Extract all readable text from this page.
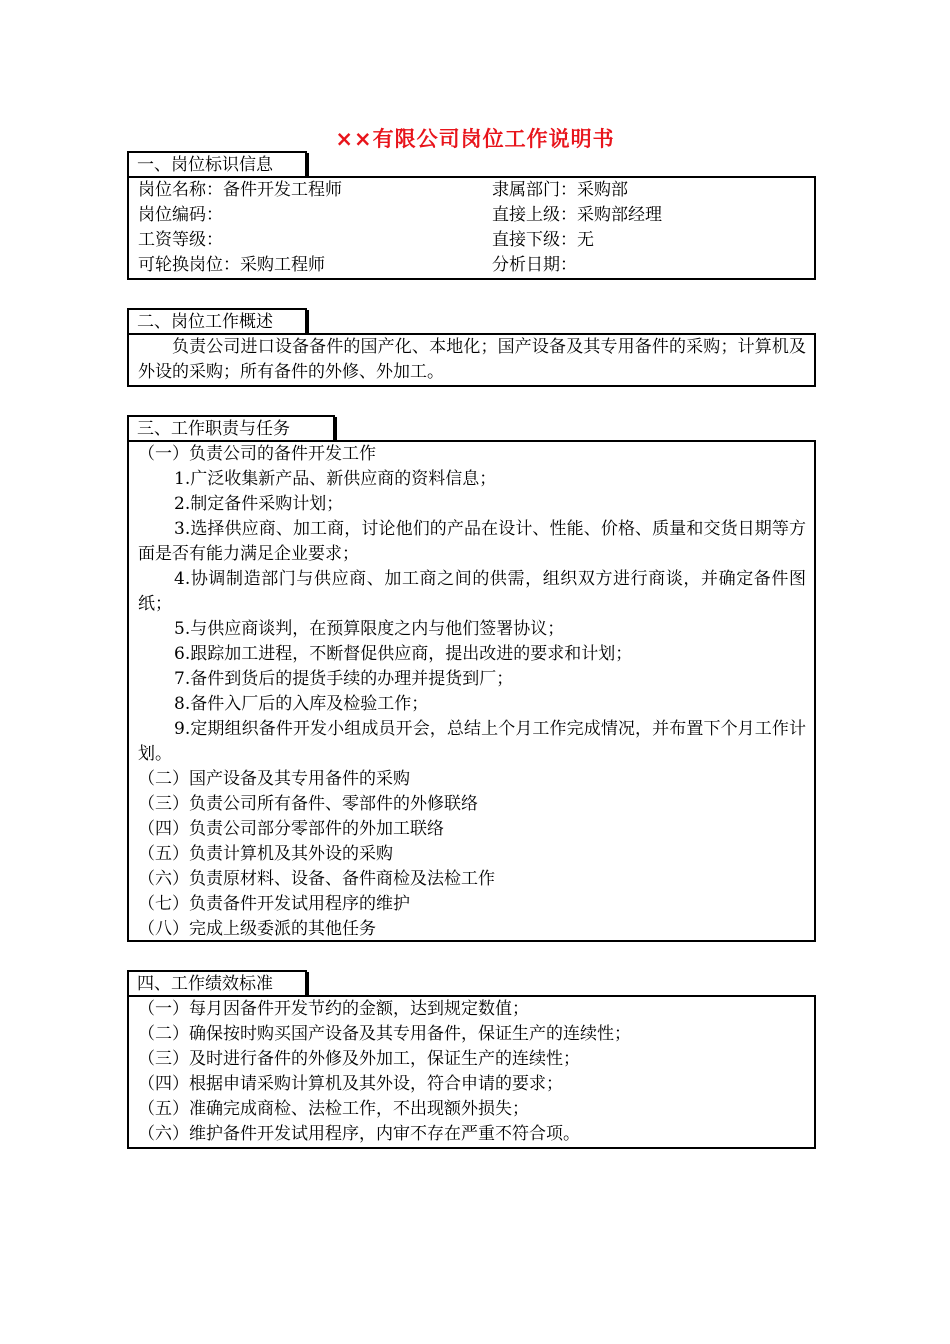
××有限公司岗位工作说明书
一、岗位标识信息
岗位名称：备件开发工程师	隶属部门：采购部
岗位编码：	直接上级：采购部经理
工资等级：	直接下级：无
可轮换岗位：采购工程师	分析日期：
二、岗位工作概述
负责公司进口设备备件的国产化、本地化；国产设备及其专用备件的采购；计算机及外设的采购；所有备件的外修、外加工。
三、工作职责与任务
（一）负责公司的备件开发工作
1.广泛收集新产品、新供应商的资料信息；
2.制定备件采购计划；
3.选择供应商、加工商，讨论他们的产品在设计、性能、价格、质量和交货日期等方面是否有能力满足企业要求；
4.协调制造部门与供应商、加工商之间的供需，组织双方进行商谈，并确定备件图纸；
5.与供应商谈判，在预算限度之内与他们签署协议；
6.跟踪加工进程，不断督促供应商，提出改进的要求和计划；
7.备件到货后的提货手续的办理并提货到厂；
8.备件入厂后的入库及检验工作；
9.定期组织备件开发小组成员开会，总结上个月工作完成情况，并布置下个月工作计划。
（二）国产设备及其专用备件的采购
（三）负责公司所有备件、零部件的外修联络
（四）负责公司部分零部件的外加工联络
（五）负责计算机及其外设的采购
（六）负责原材料、设备、备件商检及法检工作
（七）负责备件开发试用程序的维护
（八）完成上级委派的其他任务
四、工作绩效标准
（一）每月因备件开发节约的金额，达到规定数值；
（二）确保按时购买国产设备及其专用备件，保证生产的连续性；
（三）及时进行备件的外修及外加工，保证生产的连续性；
（四）根据申请采购计算机及其外设，符合申请的要求；
（五）准确完成商检、法检工作，不出现额外损失；
（六）维护备件开发试用程序，内审不存在严重不符合项。
